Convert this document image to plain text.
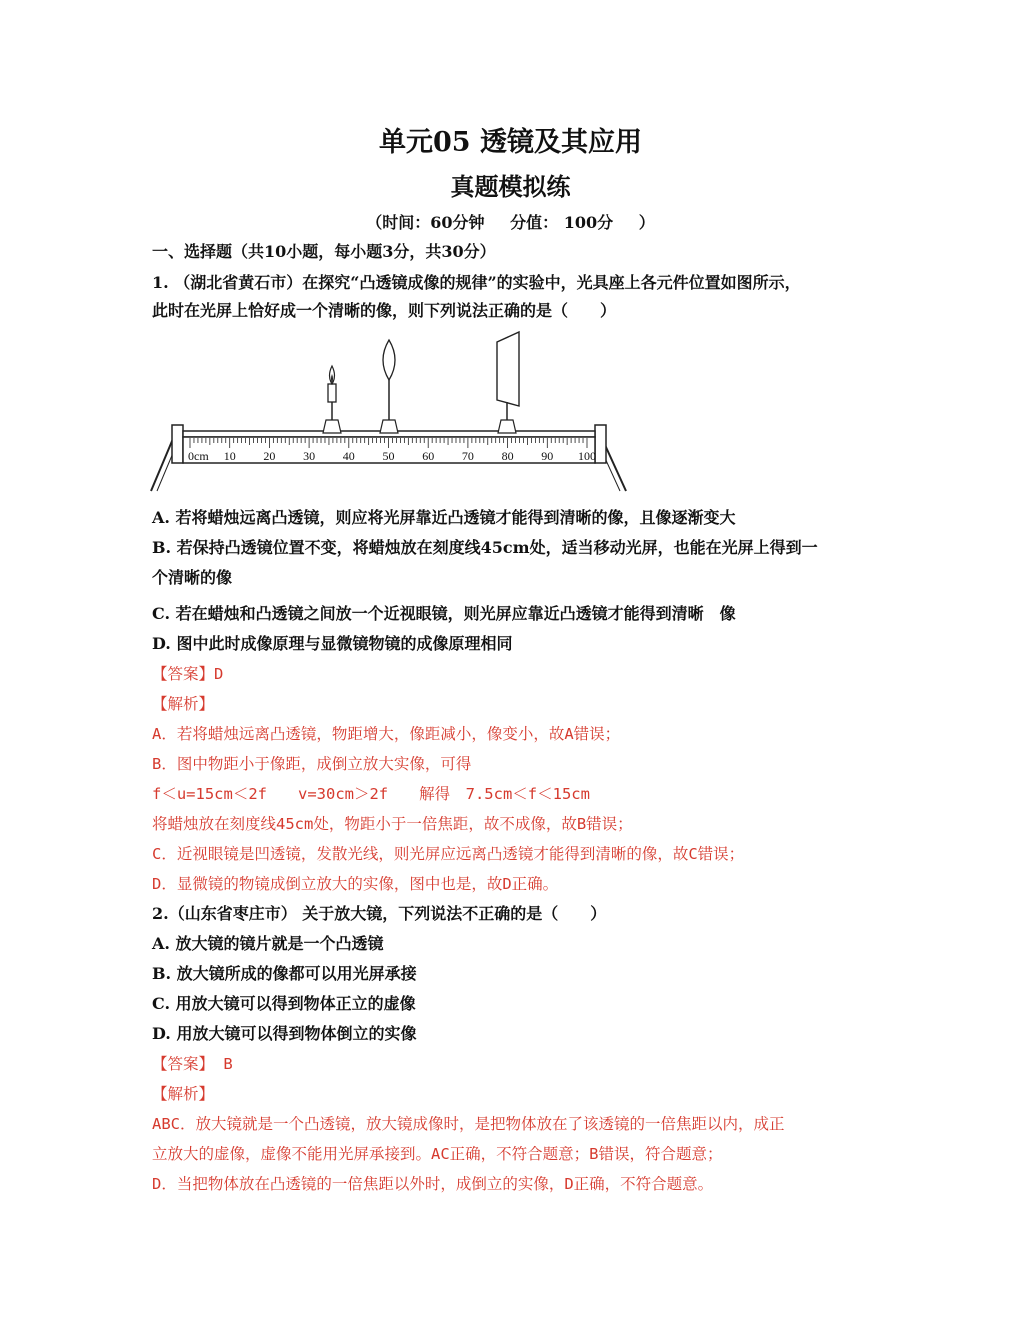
单元05 透镜及其应用
真题模拟练
（时间：60分钟 分值： 100分 ）
一、选择题（共10小题，每小题3分，共30分）
1. （湖北省黄石市）在探究“凸透镜成像的规律”的实验中，光具座上各元件位置如图所示，
此时在光屏上恰好成一个清晰的像，则下列说法正确的是（　　）
0cm 10 20 30 40 50 60 70 80 90 100
A. 若将蜡烛远离凸透镜，则应将光屏靠近凸透镜才能得到清晰的像，且像逐渐变大
B. 若保持凸透镜位置不变，将蜡烛放在刻度线45cm处，适当移动光屏，也能在光屏上得到一
个清晰的像
C. 若在蜡烛和凸透镜之间放一个近视眼镜，则光屏应靠近凸透镜才能得到清晰　像
D. 图中此时成像原理与显微镜物镜的成像原理相同
【答案】D
【解析】
A．若将蜡烛远离凸透镜，物距增大，像距减小，像变小，故A错误；
B．图中物距小于像距，成倒立放大实像，可得
f＜u=15cm＜2f　　v=30cm＞2f　　解得　7.5cm＜f＜15cm
将蜡烛放在刻度线45cm处，物距小于一倍焦距，故不成像，故B错误；
C．近视眼镜是凹透镜，发散光线，则光屏应远离凸透镜才能得到清晰的像，故C错误；
D．显微镜的物镜成倒立放大的实像，图中也是，故D正确。
2.（山东省枣庄市） 关于放大镜，下列说法不正确的是（　　）
A. 放大镜的镜片就是一个凸透镜
B. 放大镜所成的像都可以用光屏承接
C. 用放大镜可以得到物体正立的虚像
D. 用放大镜可以得到物体倒立的实像
【答案】 B
【解析】
ABC．放大镜就是一个凸透镜，放大镜成像时，是把物体放在了该透镜的一倍焦距以内，成正
立放大的虚像，虚像不能用光屏承接到。AC正确，不符合题意；B错误，符合题意；
D．当把物体放在凸透镜的一倍焦距以外时，成倒立的实像，D正确，不符合题意。
